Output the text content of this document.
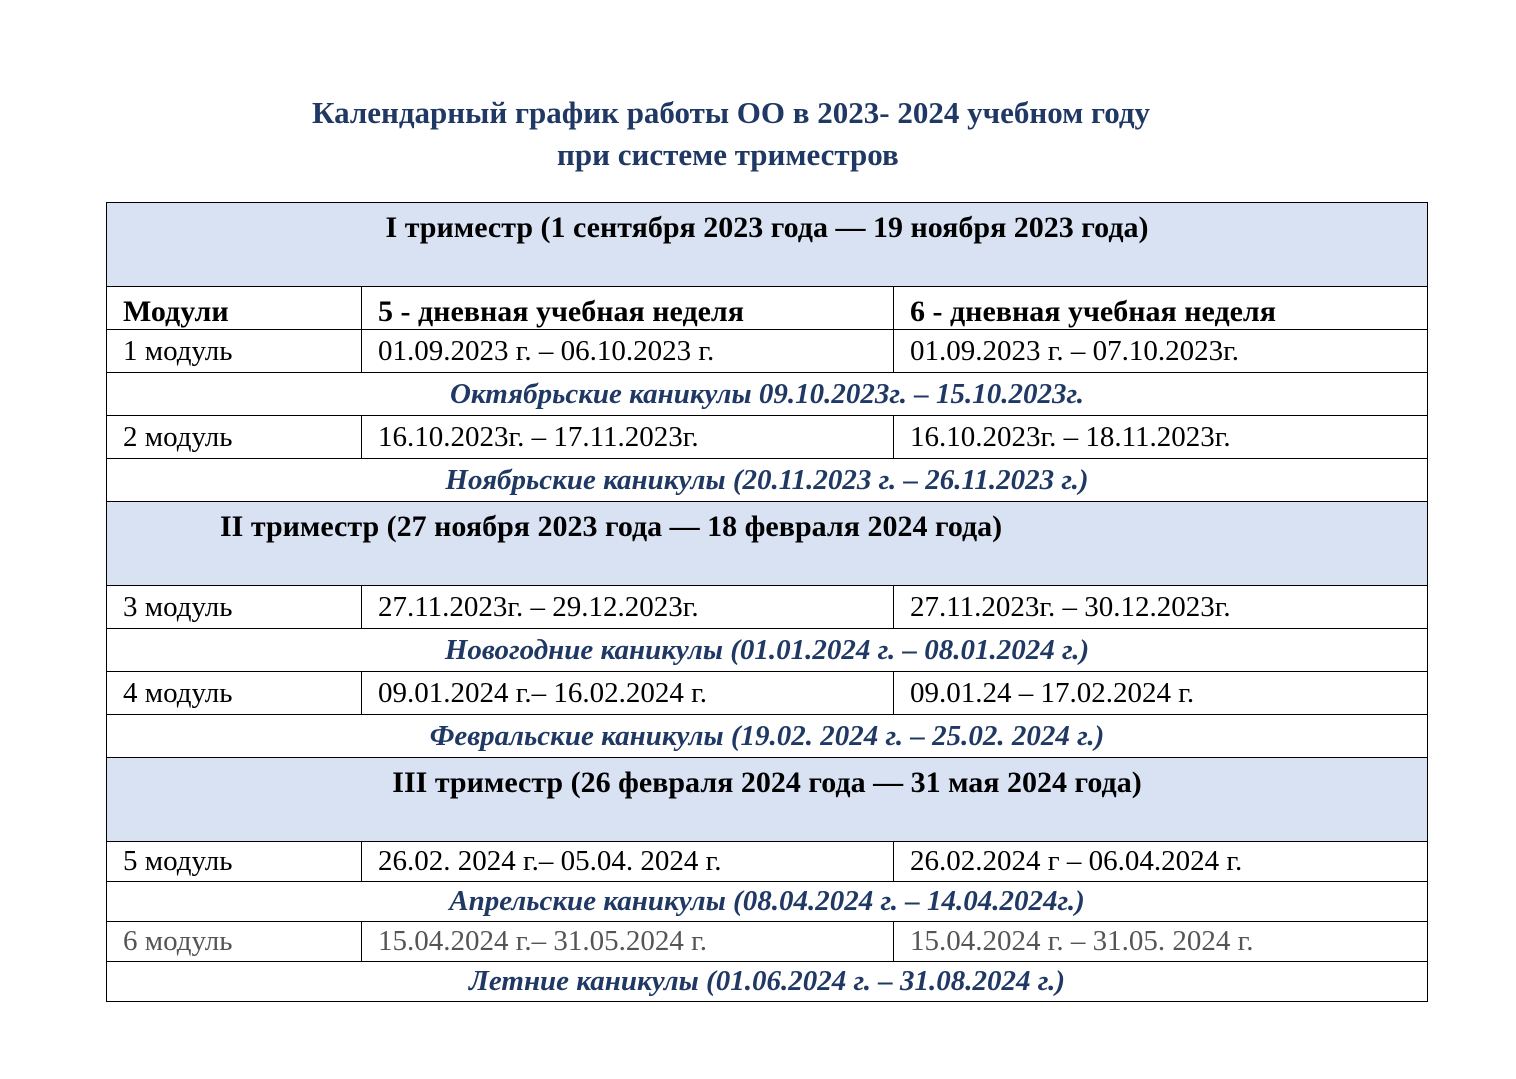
Календарный график работы ОО в 2023- 2024 учебном году
при системе триместров
I триместр (1 сентября 2023 года — 19 ноября 2023 года)		
Модули	5 - дневная учебная неделя	6 - дневная учебная неделя
1 модуль	01.09.2023 г. – 06.10.2023 г.	01.09.2023 г. – 07.10.2023г.
Октябрьские каникулы 09.10.2023г. – 15.10.2023г.		
2 модуль	16.10.2023г. – 17.11.2023г.	16.10.2023г. – 18.11.2023г.
Ноябрьские каникулы (20.11.2023 г. – 26.11.2023 г.)		
II триместр (27 ноября 2023 года — 18 февраля 2024 года)		
3 модуль	27.11.2023г. – 29.12.2023г.	27.11.2023г. – 30.12.2023г.
Новогодние каникулы (01.01.2024 г. – 08.01.2024 г.)		
4 модуль	09.01.2024 г.– 16.02.2024 г.	09.01.24 – 17.02.2024 г.
Февральские каникулы (19.02. 2024 г. – 25.02. 2024 г.)		
III триместр (26 февраля 2024 года — 31 мая 2024 года)		
5 модуль	26.02. 2024 г.– 05.04. 2024 г.	26.02.2024 г – 06.04.2024 г.
Апрельские каникулы (08.04.2024 г. – 14.04.2024г.)		
6 модуль	15.04.2024 г.– 31.05.2024 г.	15.04.2024 г. – 31.05. 2024 г.
Летние каникулы (01.06.2024 г. – 31.08.2024 г.)		
